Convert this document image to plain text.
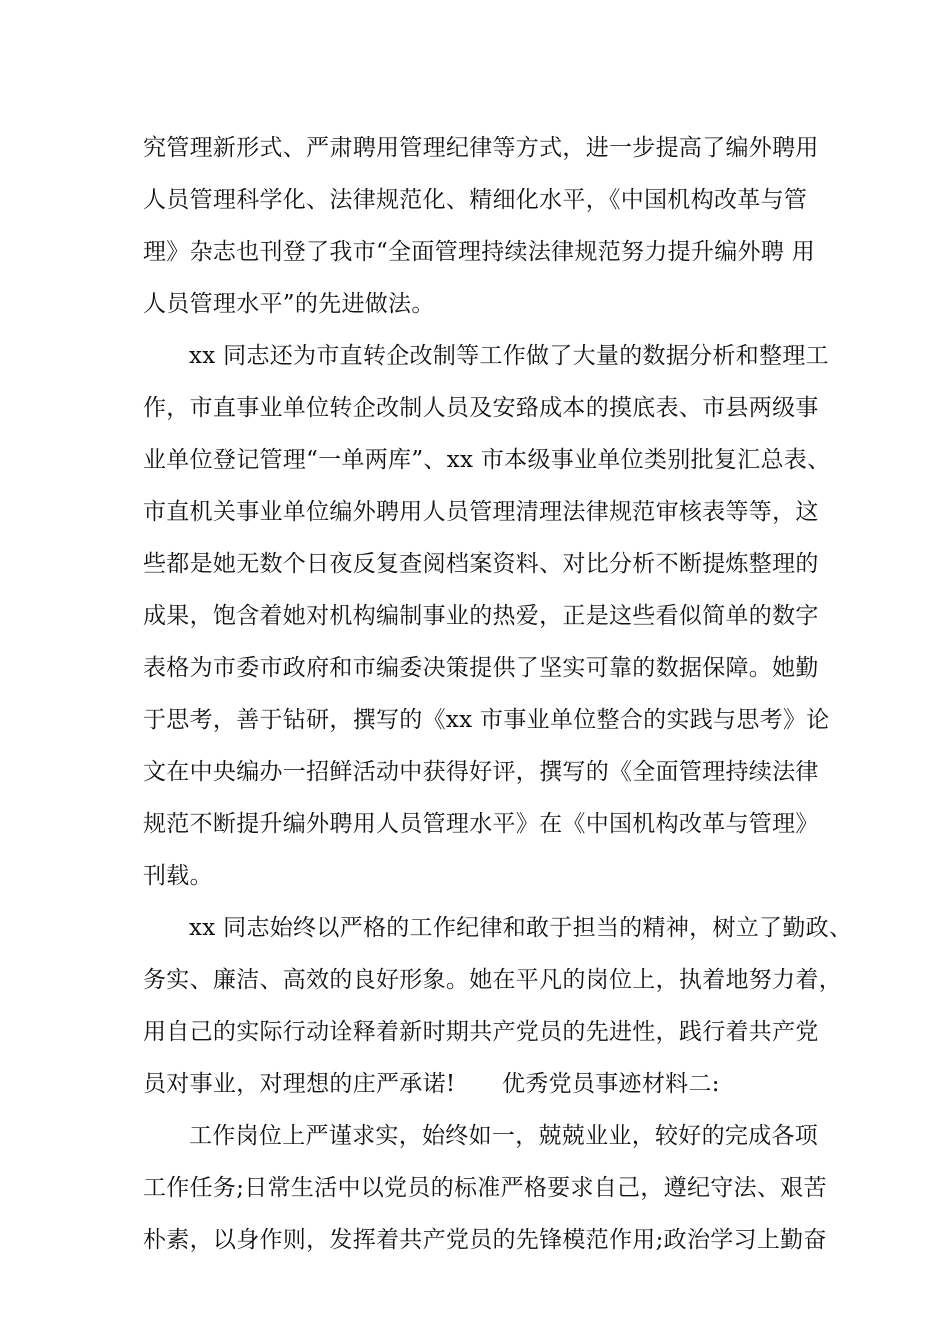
究管理新形式、严肃聘用管理纪律等方式，进一步提高了编外聘用
人员管理科学化、法律规范化、精细化水平，《中国机构改革与管
理》杂志也刊登了我市“全面管理持续法律规范努力提升编外聘 用
人员管理水平”的先进做法。
xx 同志还为市直转企改制等工作做了大量的数据分析和整理工
作，市直事业单位转企改制人员及安臵成本的摸底表、市县两级事
业单位登记管理“一单两库”、xx 市本级事业单位类别批复汇总表、
市直机关事业单位编外聘用人员管理清理法律规范审核表等等，这
些都是她无数个日夜反复查阅档案资料、对比分析不断提炼整理的
成果，饱含着她对机构编制事业的热爱，正是这些看似简单的数字
表格为市委市政府和市编委决策提供了坚实可靠的数据保障。她勤
于思考，善于钻研，撰写的《xx 市事业单位整合的实践与思考》论
文在中央编办一招鲜活动中获得好评，撰写的《全面管理持续法律
规范不断提升编外聘用人员管理水平》在《中国机构改革与管理》
刊载。
xx 同志始终以严格的工作纪律和敢于担当的精神，树立了勤政、
务实、廉洁、高效的良好形象。她在平凡的岗位上，执着地努力着，
用自己的实际行动诠释着新时期共产党员的先进性，践行着共产党
员对事业，对理想的庄严承诺!　　优秀党员事迹材料二:
工作岗位上严谨求实，始终如一，兢兢业业，较好的完成各项
工作任务;日常生活中以党员的标准严格要求自己，遵纪守法、艰苦
朴素，以身作则，发挥着共产党员的先锋模范作用;政治学习上勤奋
